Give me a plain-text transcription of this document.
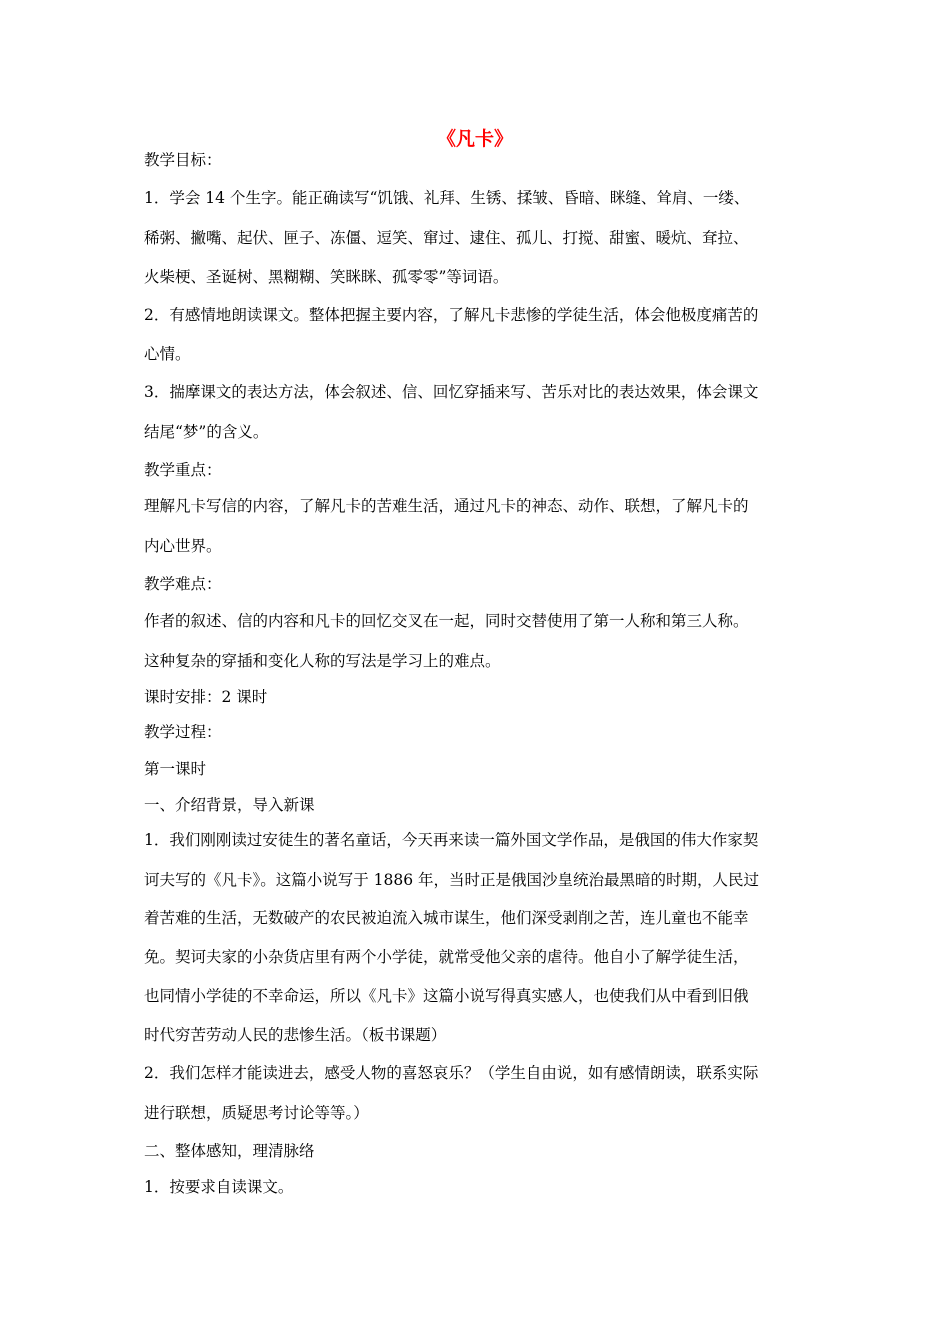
《凡卡》
教学目标：
1．学会 14 个生字。能正确读写“饥饿、礼拜、生锈、揉皱、昏暗、眯缝、耸肩、一缕、
稀粥、撇嘴、起伏、匣子、冻僵、逗笑、窜过、逮住、孤儿、打搅、甜蜜、暖炕、耷拉、
火柴梗、圣诞树、黑糊糊、笑眯眯、孤零零”等词语。
2．有感情地朗读课文。整体把握主要内容，了解凡卡悲惨的学徒生活，体会他极度痛苦的
心情。
3．揣摩课文的表达方法，体会叙述、信、回忆穿插来写、苦乐对比的表达效果，体会课文
结尾“梦”的含义。
教学重点：
理解凡卡写信的内容，了解凡卡的苦难生活，通过凡卡的神态、动作、联想，了解凡卡的
内心世界。
教学难点：
作者的叙述、信的内容和凡卡的回忆交叉在一起，同时交替使用了第一人称和第三人称。
这种复杂的穿插和变化人称的写法是学习上的难点。
课时安排：2 课时
教学过程：
第一课时
一、介绍背景，导入新课
1．我们刚刚读过安徒生的著名童话，今天再来读一篇外国文学作品，是俄国的伟大作家契
诃夫写的《凡卡》。这篇小说写于 1886 年，当时正是俄国沙皇统治最黑暗的时期，人民过
着苦难的生活，无数破产的农民被迫流入城市谋生，他们深受剥削之苦，连儿童也不能幸
免。契诃夫家的小杂货店里有两个小学徒，就常受他父亲的虐待。他自小了解学徒生活，
也同情小学徒的不幸命运，所以《凡卡》这篇小说写得真实感人，也使我们从中看到旧俄
时代穷苦劳动人民的悲惨生活。（板书课题）
2．我们怎样才能读进去，感受人物的喜怒哀乐？（学生自由说，如有感情朗读，联系实际
进行联想，质疑思考讨论等等。）
二、整体感知，理清脉络
1．按要求自读课文。
